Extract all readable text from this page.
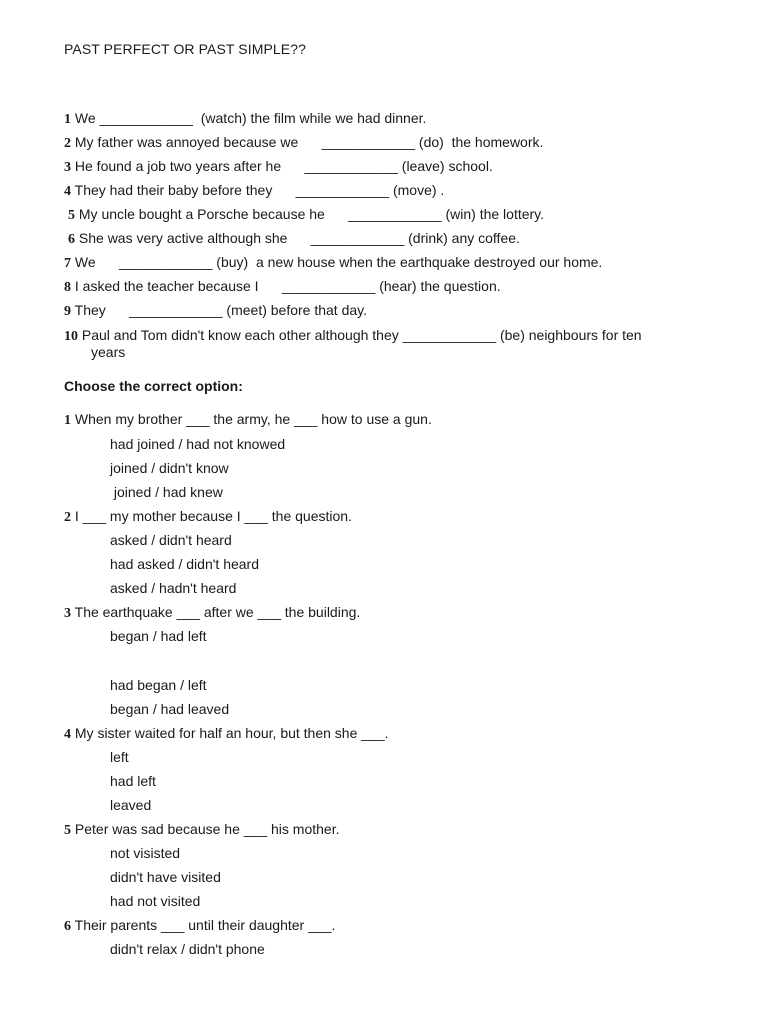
PAST PERFECT OR PAST SIMPLE??
1 We ____________  (watch) the film while we had dinner.
2 My father was annoyed because we      ____________ (do)  the homework.
3 He found a job two years after he      ____________ (leave) school.
4 They had their baby before they      ____________ (move) .
5 My uncle bought a Porsche because he      ____________ (win) the lottery.
6 She was very active although she      ____________ (drink) any coffee.
7 We      ____________ (buy)  a new house when the earthquake destroyed our home.
8 I asked the teacher because I      ____________ (hear) the question.
9 They      ____________ (meet) before that day.
10 Paul and Tom didn't know each other although they ____________ (be) neighbours for ten
years
Choose the correct option:
1 When my brother ___ the army, he ___ how to use a gun.
had joined / had not knowed
joined / didn't know
joined / had knew
2 I ___ my mother because I ___ the question.
asked / didn't heard
had asked / didn't heard
asked / hadn't heard
3 The earthquake ___ after we ___ the building.
began / had left
had began / left
began / had leaved
4 My sister waited for half an hour, but then she ___.
left
had left
leaved
5 Peter was sad because he ___ his mother.
not visisted
didn't have visited
had not visited
6 Their parents ___ until their daughter ___.
didn't relax / didn't phone
